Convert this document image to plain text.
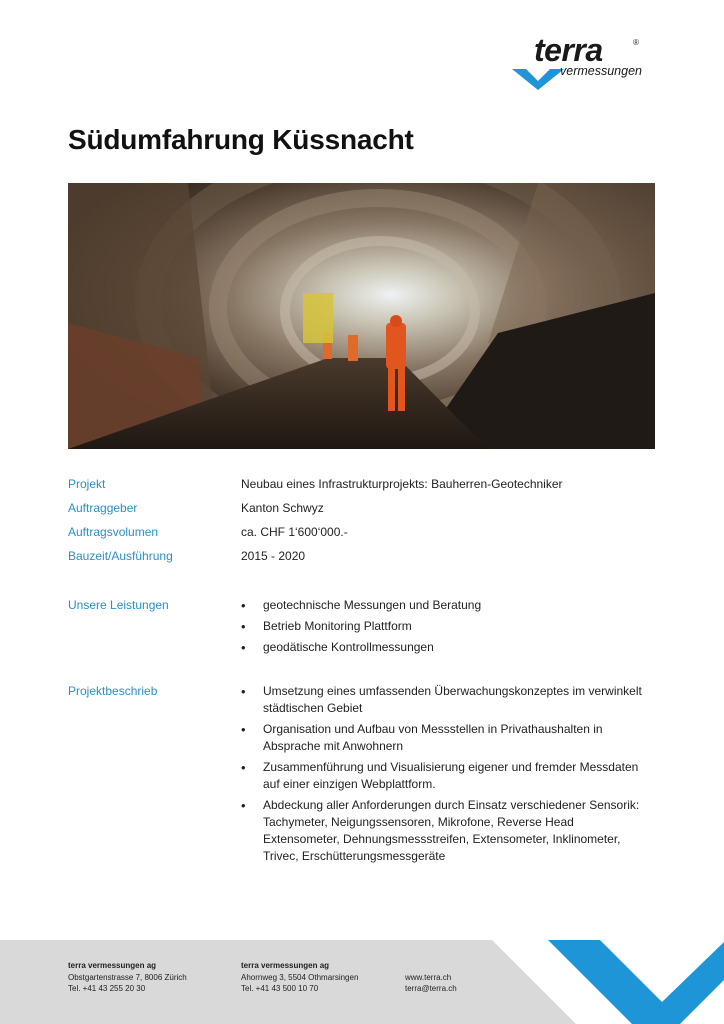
terra	®
vermessungen
Südumfahrung Küssnacht
Projekt	Neubau eines Infrastrukturprojekts: Bauherren-Geotechniker
Auftraggeber	Kanton Schwyz
Auftragsvolumen	ca. CHF 1‘600‘000.-
Bauzeit/Ausführung	2015 - 2020
Unsere Leistungen	• geotechnische Messungen und Beratung
• Betrieb Monitoring Plattform
• geodätische Kontrollmessungen
Projektbeschrieb	• Umsetzung eines umfassenden Überwachungskonzeptes im verwinkelt städtischen Gebiet
• Organisation und Aufbau von Messstellen in Privathaushalten in Absprache mit Anwohnern
• Zusammenführung und Visualisierung eigener und fremder Messdaten auf einer einzigen Webplattform.
• Abdeckung aller Anforderungen durch Einsatz verschiedener Sensorik: Tachymeter, Neigungssensoren, Mikrofone, Reverse Head Extensometer, Dehnungsmessstreifen, Extensometer, Inklinometer, Trivec, Erschütterungsmessgeräte
terra vermessungen ag
Obstgartenstrasse 7, 8006 Zürich
Tel. +41 43 255 20 30
terra vermessungen ag
Ahornweg 3, 5504 Othmarsingen
Tel. +41 43 500 10 70
www.terra.ch
terra@terra.ch
